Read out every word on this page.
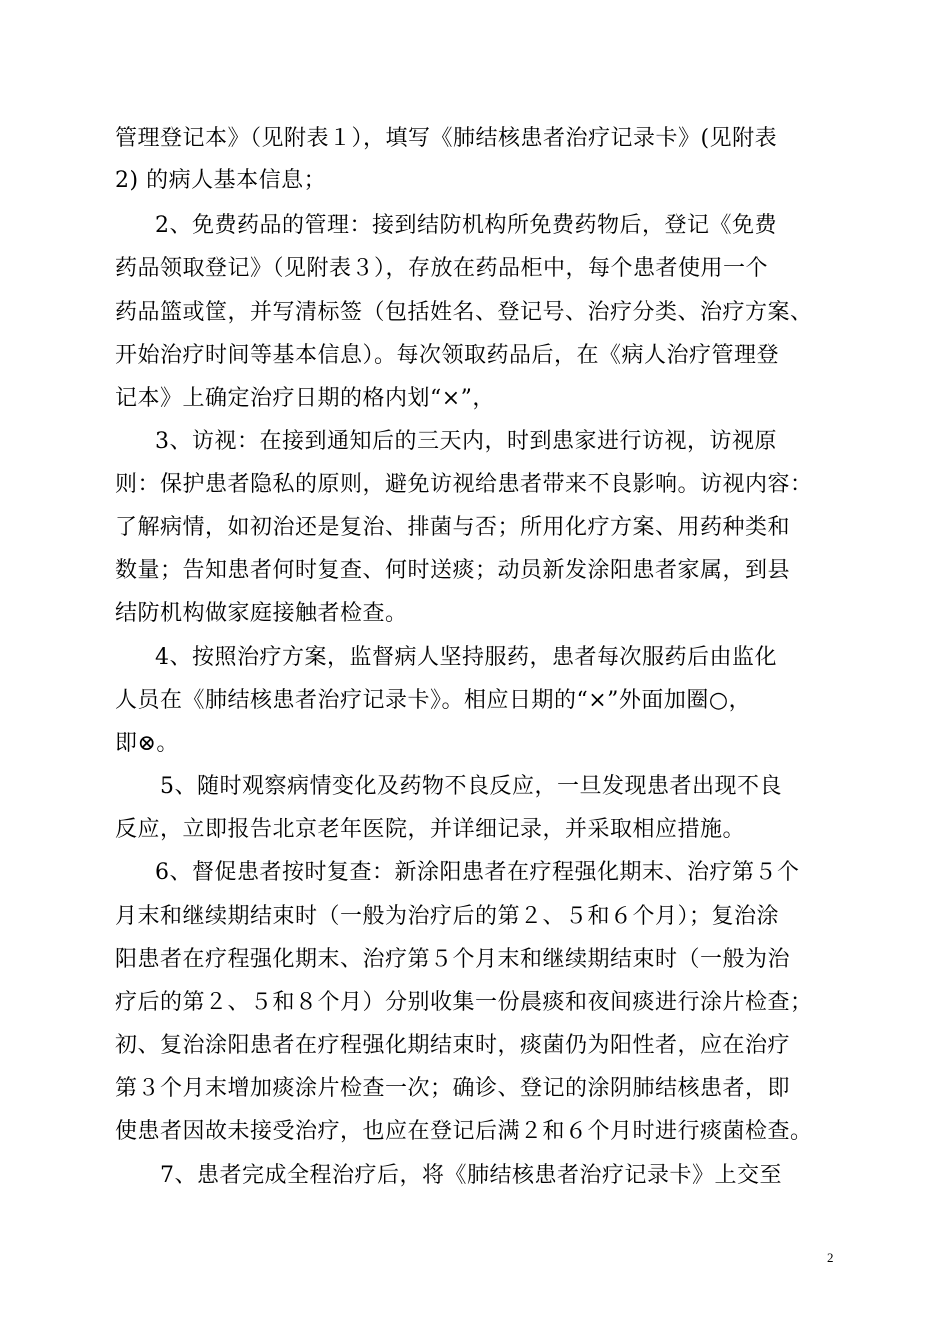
管理登记本》（见附表１），填写《肺结核患者治疗记录卡》(见附表
2) 的病人基本信息；
2、免费药品的管理：接到结防机构所免费药物后，登记《免费
药品领取登记》（见附表３），存放在药品柜中，每个患者使用一个
药品篮或筐，并写清标签（包括姓名、登记号、治疗分类、治疗方案、
开始治疗时间等基本信息）。每次领取药品后，在《病人治疗管理登
记本》上确定治疗日期的格内划“×”，
3、访视：在接到通知后的三天内，时到患家进行访视，访视原
则：保护患者隐私的原则，避免访视给患者带来不良影响。访视内容：
了解病情，如初治还是复治、排菌与否；所用化疗方案、用药种类和
数量；告知患者何时复查、何时送痰；动员新发涂阳患者家属，到县
结防机构做家庭接触者检查。
4、按照治疗方案，监督病人坚持服药，患者每次服药后由监化
人员在《肺结核患者治疗记录卡》。相应日期的“×”外面加圈○，
即⊗。
5、随时观察病情变化及药物不良反应，一旦发现患者出现不良
反应，立即报告北京老年医院，并详细记录，并采取相应措施。
6、督促患者按时复查：新涂阳患者在疗程强化期末、治疗第５个
月末和继续期结束时（一般为治疗后的第２、５和６个月）；复治涂
阳患者在疗程强化期末、治疗第５个月末和继续期结束时（一般为治
疗后的第２、５和８个月）分别收集一份晨痰和夜间痰进行涂片检查；
初、复治涂阳患者在疗程强化期结束时，痰菌仍为阳性者，应在治疗
第３个月末增加痰涂片检查一次；确诊、登记的涂阴肺结核患者，即
使患者因故未接受治疗，也应在登记后满２和６个月时进行痰菌检查。
7、患者完成全程治疗后，将《肺结核患者治疗记录卡》上交至
2
